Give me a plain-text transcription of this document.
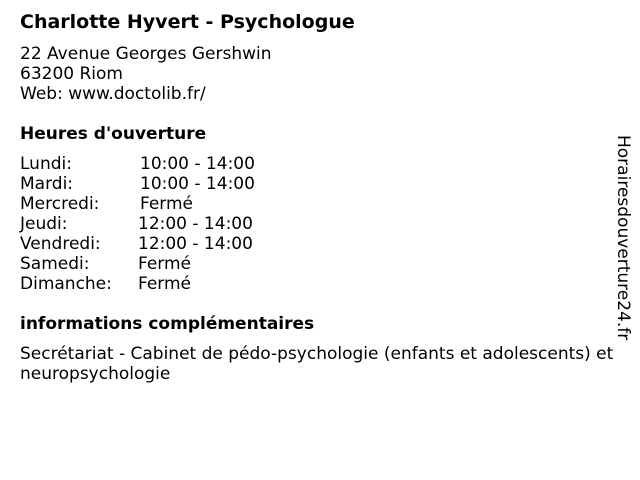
Charlotte Hyvert - Psychologue
22 Avenue Georges Gershwin
63200 Riom
Web: www.doctolib.fr/
Heures d'ouverture
Lundi:	10:00 - 14:00
Mardi:	10:00 - 14:00
Mercredi: Fermé
Jeudi:	12:00 - 14:00
Vendredi: 12:00 - 14:00
Samedi:	Fermé
Dimanche: Fermé
informations complémentaires
Secrétariat - Cabinet de pédo-psychologie (enfants et adolescents) et neuropsychologie
Horairesdouverture24.fr
